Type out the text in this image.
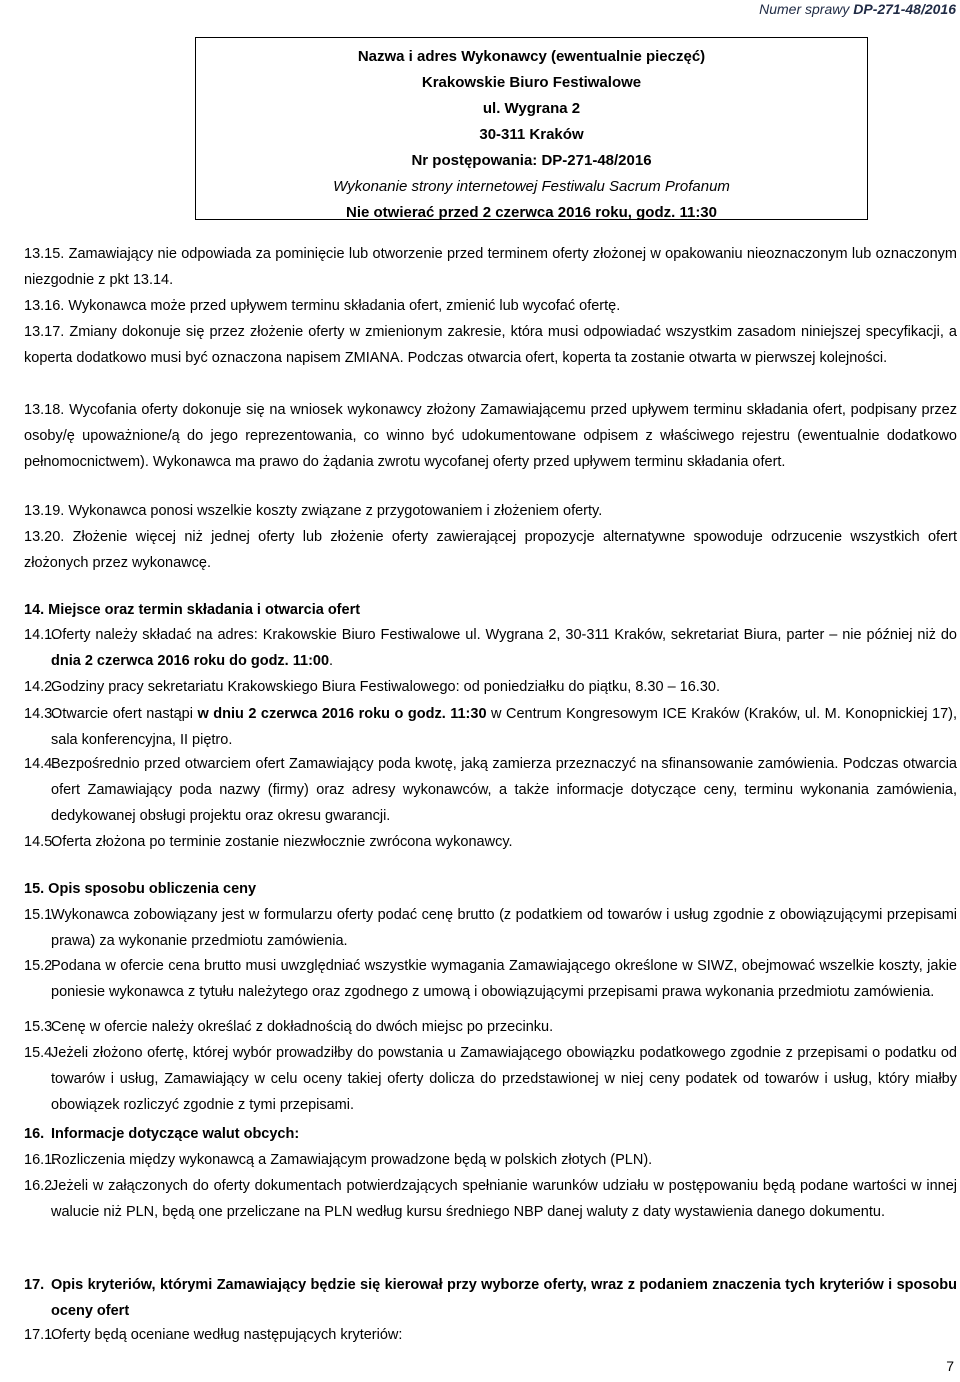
Numer sprawy DP-271-48/2016
Nazwa i adres Wykonawcy (ewentualnie pieczęć)
Krakowskie Biuro Festiwalowe
ul. Wygrana 2
30-311 Kraków
Nr postępowania: DP-271-48/2016
Wykonanie strony internetowej Festiwalu Sacrum Profanum
Nie otwierać przed 2 czerwca 2016 roku, godz. 11:30
13.15. Zamawiający nie odpowiada za pominięcie lub otworzenie przed terminem oferty złożonej w opakowaniu nieoznaczonym lub oznaczonym niezgodnie z pkt 13.14.
13.16. Wykonawca może przed upływem terminu składania ofert, zmienić lub wycofać ofertę.
13.17. Zmiany dokonuje się przez złożenie oferty w zmienionym zakresie, która musi odpowiadać wszystkim zasadom niniejszej specyfikacji, a koperta dodatkowo musi być oznaczona napisem ZMIANA. Podczas otwarcia ofert, koperta ta zostanie otwarta w pierwszej kolejności.
13.18. Wycofania oferty dokonuje się na wniosek wykonawcy złożony Zamawiającemu przed upływem terminu składania ofert, podpisany przez osoby/ę upoważnione/ą do jego reprezentowania, co winno być udokumentowane odpisem z właściwego rejestru (ewentualnie dodatkowo pełnomocnictwem). Wykonawca ma prawo do żądania zwrotu wycofanej oferty przed upływem terminu składania ofert.
13.19. Wykonawca ponosi wszelkie koszty związane z przygotowaniem i złożeniem oferty.
13.20. Złożenie więcej niż jednej oferty lub złożenie oferty zawierającej propozycje alternatywne spowoduje odrzucenie wszystkich ofert złożonych przez wykonawcę.
14. Miejsce oraz termin składania i otwarcia ofert
14.1.
Oferty należy składać na adres: Krakowskie Biuro Festiwalowe ul. Wygrana 2, 30-311 Kraków, sekretariat Biura, parter – nie później niż do dnia 2 czerwca 2016 roku do godz. 11:00.
14.2.
Godziny pracy sekretariatu Krakowskiego Biura Festiwalowego: od poniedziałku do piątku, 8.30 – 16.30.
14.3.
Otwarcie ofert nastąpi w dniu 2 czerwca 2016 roku o godz. 11:30 w Centrum Kongresowym ICE Kraków (Kraków, ul. M. Konopnickiej 17), sala konferencyjna, II piętro.
14.4.
Bezpośrednio przed otwarciem ofert Zamawiający poda kwotę, jaką zamierza przeznaczyć na sfinansowanie zamówienia. Podczas otwarcia ofert Zamawiający poda nazwy (firmy) oraz adresy wykonawców, a także informacje dotyczące ceny, terminu wykonania zamówienia, dedykowanej obsługi projektu oraz okresu gwarancji.
14.5.
Oferta złożona po terminie zostanie niezwłocznie zwrócona wykonawcy.
15. Opis sposobu obliczenia ceny
15.1
Wykonawca zobowiązany jest w formularzu oferty podać cenę brutto (z podatkiem od towarów i usług zgodnie z obowiązującymi przepisami prawa) za wykonanie przedmiotu zamówienia.
15.2
Podana w ofercie cena brutto musi uwzględniać wszystkie wymagania Zamawiającego określone w SIWZ, obejmować wszelkie koszty, jakie poniesie wykonawca z tytułu należytego oraz zgodnego z umową i obowiązującymi przepisami prawa wykonania przedmiotu zamówienia.
15.3
Cenę w ofercie należy określać z dokładnością do dwóch miejsc po przecinku.
15.4
Jeżeli złożono ofertę, której wybór prowadziłby do powstania u Zamawiającego obowiązku podatkowego zgodnie z przepisami o podatku od towarów i usług, Zamawiający w celu oceny takiej oferty dolicza do przedstawionej w niej ceny podatek od towarów i usług, który miałby obowiązek rozliczyć zgodnie z tymi przepisami.
16. Informacje dotyczące walut obcych:
16.1.
Rozliczenia między wykonawcą a Zamawiającym prowadzone będą w polskich złotych (PLN).
16.2.
Jeżeli w załączonych do oferty dokumentach potwierdzających spełnianie warunków udziału w postępowaniu będą podane wartości w innej walucie niż PLN, będą one przeliczane na PLN według kursu średniego NBP danej waluty z daty wystawienia danego dokumentu.
17. Opis kryteriów, którymi Zamawiający będzie się kierował przy wyborze oferty, wraz z podaniem znaczenia tych kryteriów i sposobu oceny ofert
17.1.
Oferty będą oceniane według następujących kryteriów:
7
